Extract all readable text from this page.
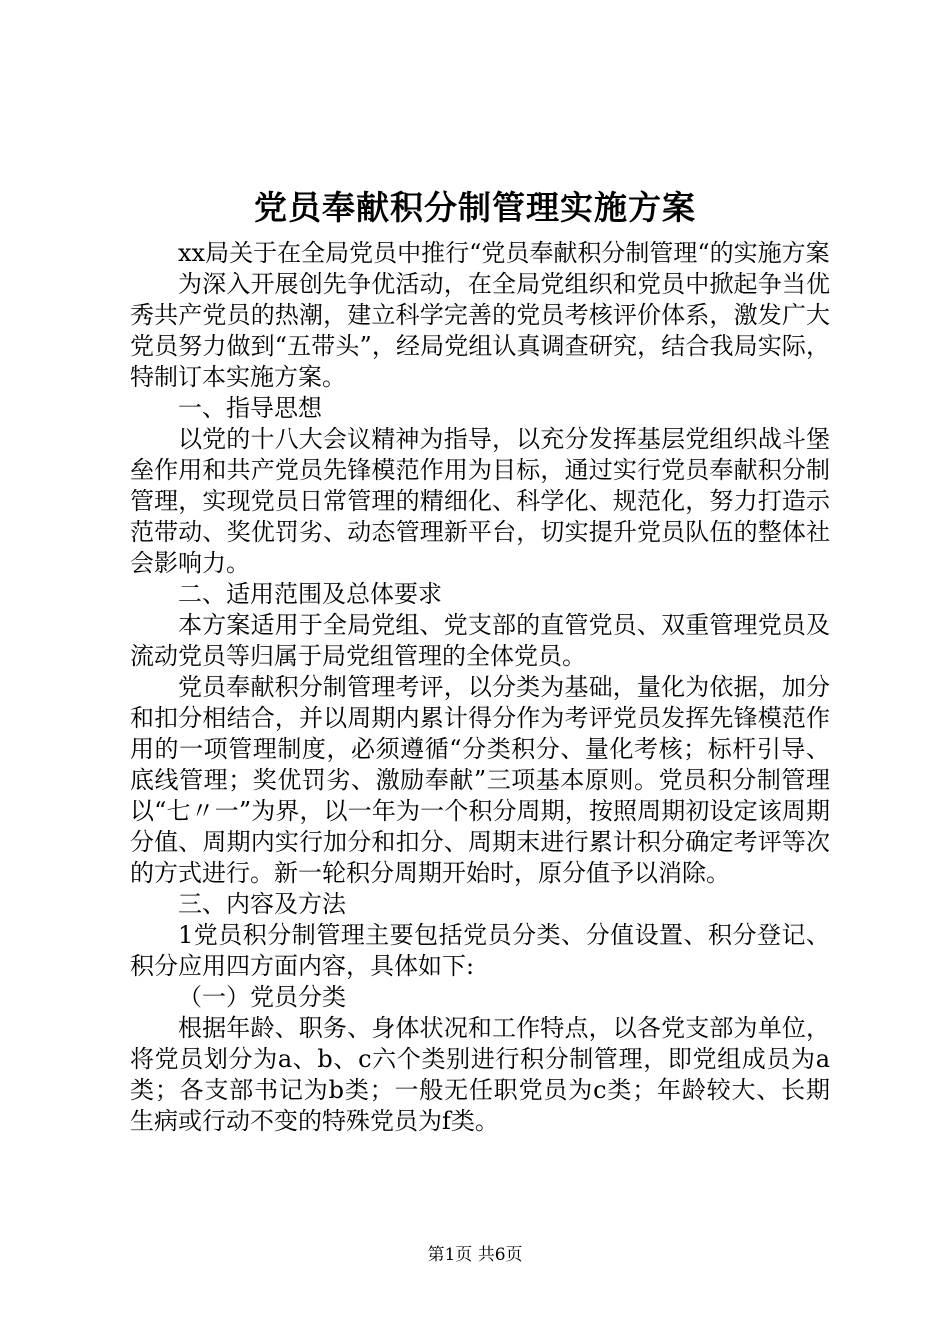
党员奉献积分制管理实施方案

xx局关于在全局党员中推行“党员奉献积分制管理“的实施方案

为深入开展创先争优活动，在全局党组织和党员中掀起争当优秀共产党员的热潮，建立科学完善的党员考核评价体系，激发广大党员努力做到“五带头”，经局党组认真调查研究，结合我局实际，特制订本实施方案。

一、指导思想

以党的十八大会议精神为指导，以充分发挥基层党组织战斗堡垒作用和共产党员先锋模范作用为目标，通过实行党员奉献积分制管理，实现党员日常管理的精细化、科学化、规范化，努力打造示范带动、奖优罚劣、动态管理新平台，切实提升党员队伍的整体社会影响力。

二、适用范围及总体要求

本方案适用于全局党组、党支部的直管党员、双重管理党员及流动党员等归属于局党组管理的全体党员。

党员奉献积分制管理考评，以分类为基础，量化为依据，加分和扣分相结合，并以周期内累计得分作为考评党员发挥先锋模范作用的一项管理制度，必须遵循“分类积分、量化考核；标杆引导、底线管理；奖优罚劣、激励奉献”三项基本原则。党员积分制管理以“七〃一”为界，以一年为一个积分周期，按照周期初设定该周期分值、周期内实行加分和扣分、周期末进行累计积分确定考评等次的方式进行。新一轮积分周期开始时，原分值予以消除。

三、内容及方法

1党员积分制管理主要包括党员分类、分值设置、积分登记、积分应用四方面内容，具体如下:

（一）党员分类

根据年龄、职务、身体状况和工作特点，以各党支部为单位，将党员划分为a、b、c六个类别进行积分制管理，即党组成员为a类；各支部书记为b类；一般无任职党员为c类；年龄较大、长期生病或行动不变的特殊党员为f类。

第1页 共6页
